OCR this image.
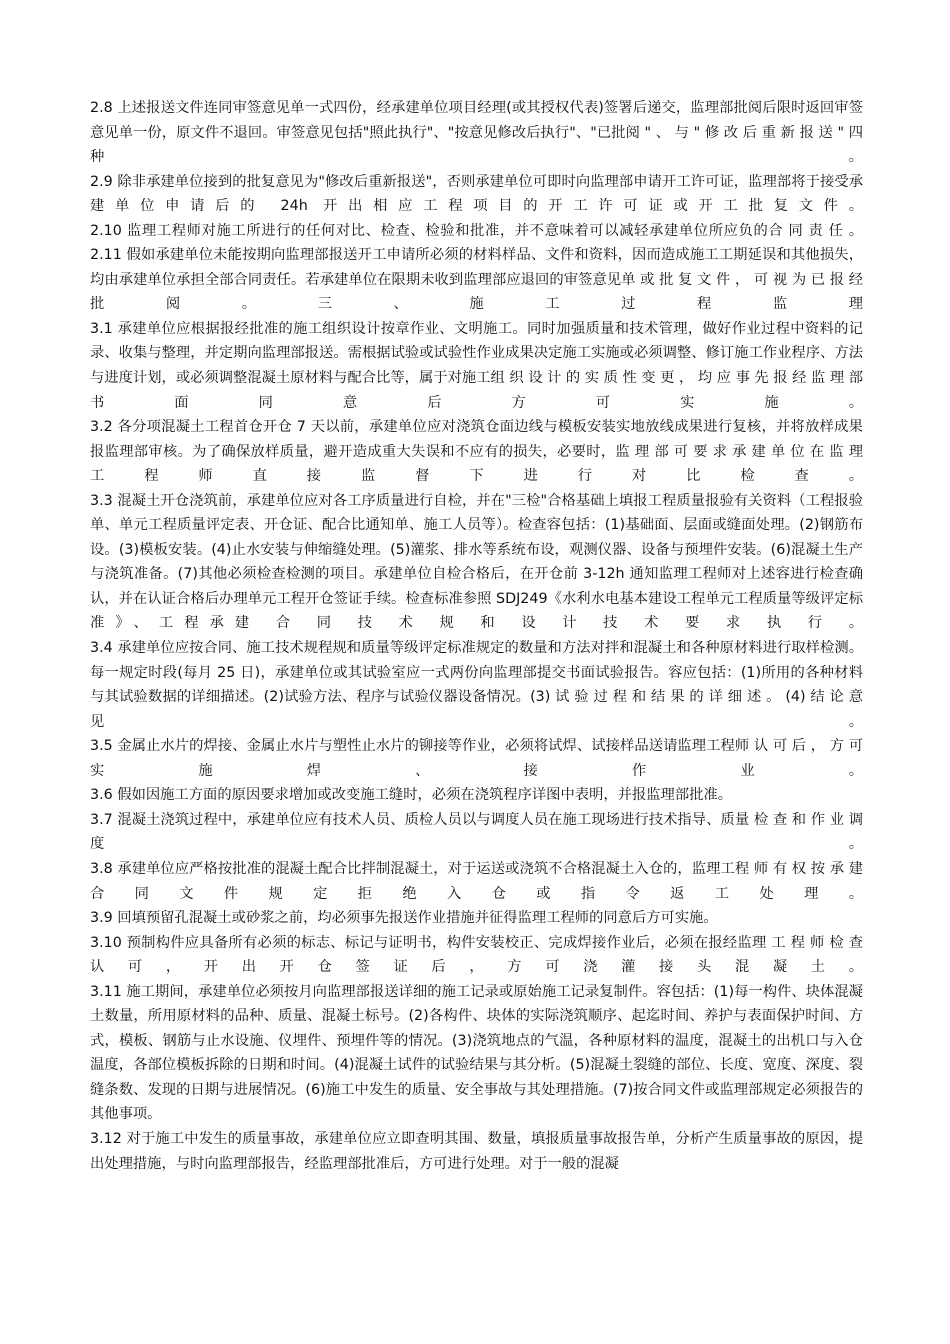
2.8 上述报送文件连同审签意见单一式四份，经承建单位项目经理(或其授权代表)签署后递交，监理部批阅后限时返回审签意见单一份，原文件不退回。审签意见包括"照此执行"、"按意见修改后执行"、"已批阅 " 、 与 " 修 改 后 重 新 报 送 " 四 种 。

2.9 除非承建单位接到的批复意见为"修改后重新报送"，否则承建单位可即时向监理部申请开工许可证，监理部将于接受承建单位申请后的 24h 开出相应工程项目的开工许可证或开工批复文件。

2.10 监理工程师对施工所进行的任何对比、检查、检验和批准，并不意味着可以减轻承建单位所应负的合 同 责 任 。

2.11 假如承建单位未能按期向监理部报送开工申请所必须的材料样品、文件和资料，因而造成施工工期延误和其他损失，均由承建单位承担全部合同责任。若承建单位在限期未收到监理部应退回的审签意见单 或 批 复 文 件 ， 可 视 为 已 报 经 批 阅 。 三 、 施 工 过 程 监 理

3.1 承建单位应根据报经批准的施工组织设计按章作业、文明施工。同时加强质量和技术管理，做好作业过程中资料的记录、收集与整理，并定期向监理部报送。需根据试验或试验性作业成果决定施工实施或必须调整、修订施工作业程序、方法与进度计划，或必须调整混凝土原材料与配合比等，属于对施工组 织 设 计 的 实 质 性 变 更 ， 均 应 事 先 报 经 监 理 部 书 面 同 意 后 方 可 实 施 。

3.2 各分项混凝土工程首仓开仓 7 天以前，承建单位应对浇筑仓面边线与模板安装实地放线成果进行复核，并将放样成果报监理部审核。为了确保放样质量，避开造成重大失误和不应有的损失，必要时，监 理 部 可 要 求 承 建 单 位 在 监 理 工 程 师 直 接 监 督 下 进 行 对 比 检 查 。

3.3 混凝土开仓浇筑前，承建单位应对各工序质量进行自检，并在"三检"合格基础上填报工程质量报验有关资料（工程报验单、单元工程质量评定表、开仓证、配合比通知单、施工人员等）。检查容包括：(1)基础面、层面或缝面处理。(2)钢筋布设。(3)模板安装。(4)止水安装与伸缩缝处理。(5)灌浆、排水等系统布设，观测仪器、设备与预埋件安装。(6)混凝土生产与浇筑准备。(7)其他必须检查检测的项目。承建单位自检合格后，在开仓前 3-12h 通知监理工程师对上述容进行检查确认，并在认证合格后办理单元工程开仓签证手续。检查标准参照 SDJ249《水利水电基本建设工程单元工程质量等级评定标准》、工程承建 合 同 技 术 规 和 设 计 技 术 要 求 执 行 。

3.4 承建单位应按合同、施工技术规程规和质量等级评定标准规定的数量和方法对拌和混凝土和各种原材料进行取样检测。每一规定时段(每月 25 日)，承建单位或其试验室应一式两份向监理部提交书面试验报告。容应包括：(1)所用的各种材料与其试验数据的详细描述。(2)试验方法、程序与试验仪器设备情况。(3) 试 验 过 程 和 结 果 的 详 细 述 。 (4) 结 论 意 见 。

3.5 金属止水片的焊接、金属止水片与塑性止水片的铆接等作业，必须将试焊、试接样品送请监理工程师 认 可 后 ， 方 可 实 施 焊 、 接 作 业 。

3.6 假如因施工方面的原因要求增加或改变施工缝时，必须在浇筑程序详图中表明，并报监理部批准。

3.7 混凝土浇筑过程中，承建单位应有技术人员、质检人员以与调度人员在施工现场进行技术指导、质量 检 查 和 作 业 调 度 。

3.8 承建单位应严格按批准的混凝土配合比拌制混凝土，对于运送或浇筑不合格混凝土入仓的，监理工程 师 有 权 按 承 建 合 同 文 件 规 定 拒 绝 入 仓 或 指 令 返 工 处 理 。

3.9 回填预留孔混凝土或砂浆之前，均必须事先报送作业措施并征得监理工程师的同意后方可实施。

3.10 预制构件应具备所有必须的标志、标记与证明书，构件安装校正、完成焊接作业后，必须在报经监理 工 程 师 检 查 认 可 ， 开 出 开 仓 签 证 后 ， 方 可 浇 灌 接 头 混 凝 土 。

3.11 施工期间，承建单位必须按月向监理部报送详细的施工记录或原始施工记录复制件。容包括：(1)每一构件、块体混凝土数量，所用原材料的品种、质量、混凝土标号。(2)各构件、块体的实际浇筑顺序、起迄时间、养护与表面保护时间、方式，模板、钢筋与止水设施、仪埋件、预埋件等的情况。(3)浇筑地点的气温，各种原材料的温度，混凝土的出机口与入仓温度，各部位模板拆除的日期和时间。(4)混凝土试件的试验结果与其分析。(5)混凝土裂缝的部位、长度、宽度、深度、裂缝条数、发现的日期与进展情况。(6)施工中发生的质量、安全事故与其处理措施。(7)按合同文件或监理部规定必须报告的其他事项。

3.12 对于施工中发生的质量事故，承建单位应立即查明其围、数量，填报质量事故报告单，分析产生质量事故的原因，提出处理措施，与时向监理部报告，经监理部批准后，方可进行处理。对于一般的混凝
